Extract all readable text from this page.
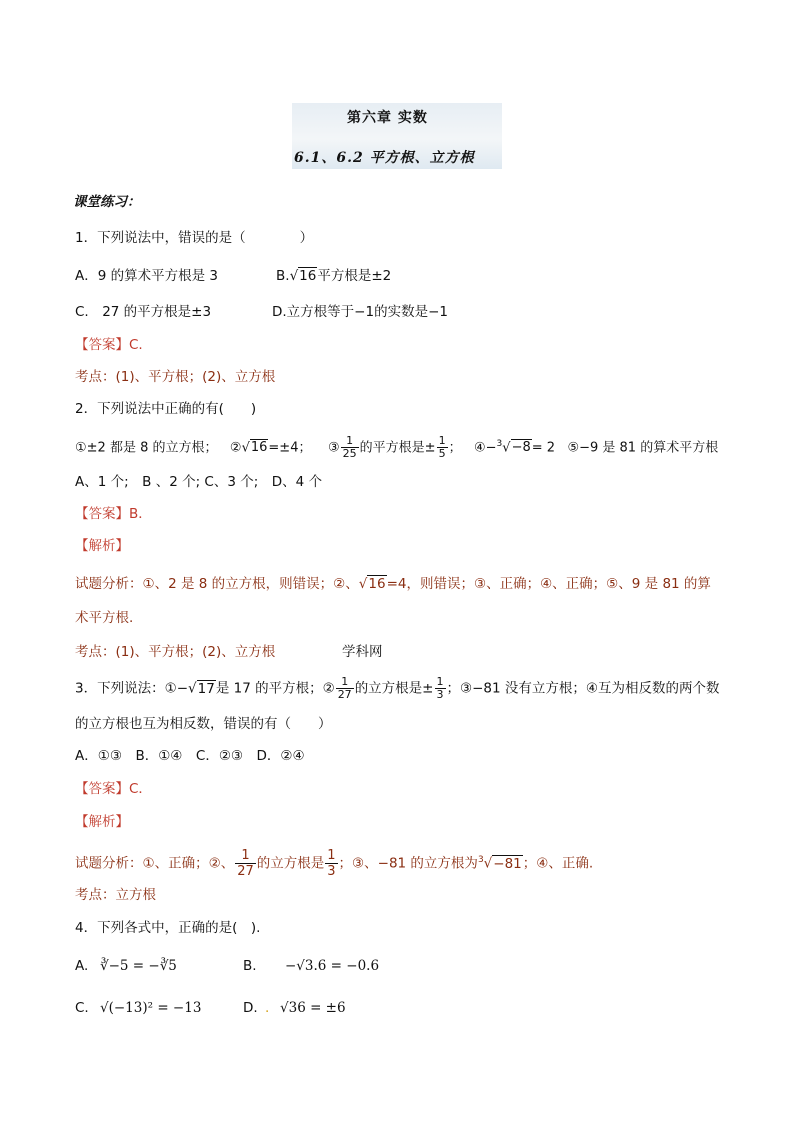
第六章 实数
6.1、6.2 平方根、立方根
课堂练习：
1．下列说法中，错误的是（　　　　）
A．9 的算术平方根是 3	B.√16平方根是±2
C.　27 的平方根是±3	D.立方根等于−1的实数是−1
【答案】C.
考点：(1)、平方根；(2)、立方根
2．下列说法中正确的有(　　)
①±2 都是 8 的立方根； ②√16=±4； ③ $\frac{1}{25}$ 的平方根是± $\frac{1}{5}$ ； ④−$^3$√−8= 2 ⑤−9 是 81 的算术平方根
A、1 个;　B 、2 个; C、3 个;　D、4 个
【答案】B．
【解析】
试题分析：①、2 是 8 的立方根，则错误；②、√16=4，则错误；③、正确；④、正确；⑤、9 是 81 的算
术平方根.
考点：(1)、平方根；(2)、立方根	学科网
3．下列说法：①−√17是 17 的平方根；② $\frac{1}{27}$ 的立方根是± $\frac{1}{3}$ ；③−81 没有立方根；④互为相反数的两个数
的立方根也互为相反数，错误的有（　　）
A．①③　B．①④　C．②③　D．②④
【答案】C．
【解析】
试题分析：①、正确；②、 $\frac{1}{27}$ 的立方根是 $\frac{1}{3}$ ；③、−81 的立方根为$^3$√−81；④、正确.
考点：立方根
4．下列各式中，正确的是(　).
A. ∛−5 = −∛5	B. −√3.6 = −0.6
C. √(−13)² = −13	D. . √36 = ±6
